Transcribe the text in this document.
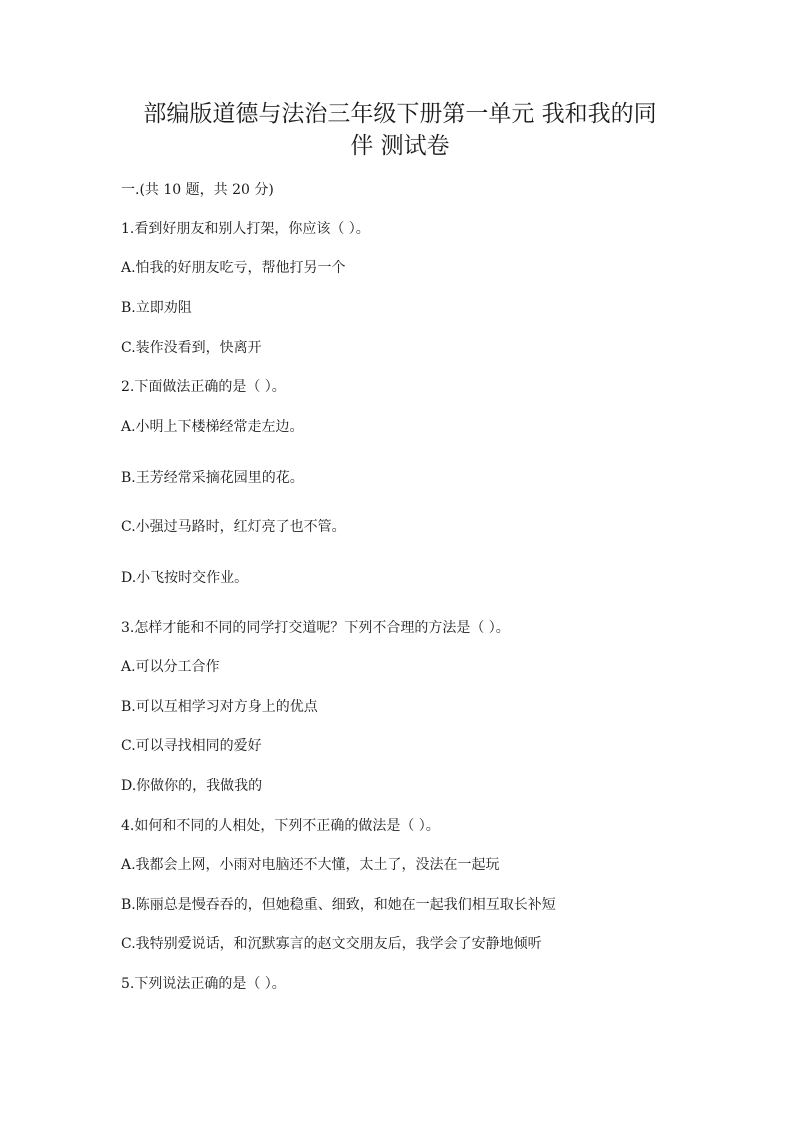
部编版道德与法治三年级下册第一单元 我和我的同
伴 测试卷
一.(共 10 题，共 20 分)
1.看到好朋友和别人打架，你应该（ ）。
A.怕我的好朋友吃亏，帮他打另一个
B.立即劝阻
C.装作没看到，快离开
2.下面做法正确的是（ ）。
A.小明上下楼梯经常走左边。
B.王芳经常采摘花园里的花。
C.小强过马路时，红灯亮了也不管。
D.小飞按时交作业。
3.怎样才能和不同的同学打交道呢？下列不合理的方法是（ ）。
A.可以分工合作
B.可以互相学习对方身上的优点
C.可以寻找相同的爱好
D.你做你的，我做我的
4.如何和不同的人相处，下列不正确的做法是（ ）。
A.我都会上网，小雨对电脑还不大懂，太土了，没法在一起玩
B.陈丽总是慢吞吞的，但她稳重、细致，和她在一起我们相互取长补短
C.我特别爱说话，和沉默寡言的赵文交朋友后，我学会了安静地倾听
5.下列说法正确的是（ ）。
